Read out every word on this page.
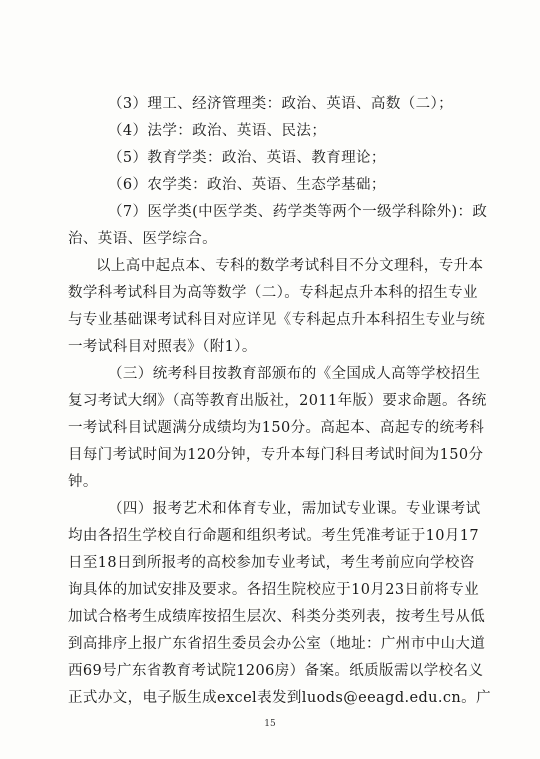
（3）理工、经济管理类：政治、英语、高数（二）；

（4）法学：政治、英语、民法；

（5）教育学类：政治、英语、教育理论；

（6）农学类：政治、英语、生态学基础；

（7）医学类(中医学类、药学类等两个一级学科除外)：政

治、英语、医学综合。

以上高中起点本、专科的数学考试科目不分文理科，专升本

数学科考试科目为高等数学（二）。专科起点升本科的招生专业

与专业基础课考试科目对应详见《专科起点升本科招生专业与统

一考试科目对照表》（附1）。

（三）统考科目按教育部颁布的《全国成人高等学校招生

复习考试大纲》（高等教育出版社，2011年版）要求命题。各统

一考试科目试题满分成绩均为150分。高起本、高起专的统考科

目每门考试时间为120分钟，专升本每门科目考试时间为150分

钟。

（四）报考艺术和体育专业，需加试专业课。专业课考试

均由各招生学校自行命题和组织考试。考生凭准考证于10月17

日至18日到所报考的高校参加专业考试，考生考前应向学校咨

询具体的加试安排及要求。各招生院校应于10月23日前将专业

加试合格考生成绩库按招生层次、科类分类列表，按考生号从低

到高排序上报广东省招生委员会办公室（地址：广州市中山大道

西69号广东省教育考试院1206房）备案。纸质版需以学校名义

正式办文，电子版生成excel表发到luods@eeagd.edu.cn。广

15
